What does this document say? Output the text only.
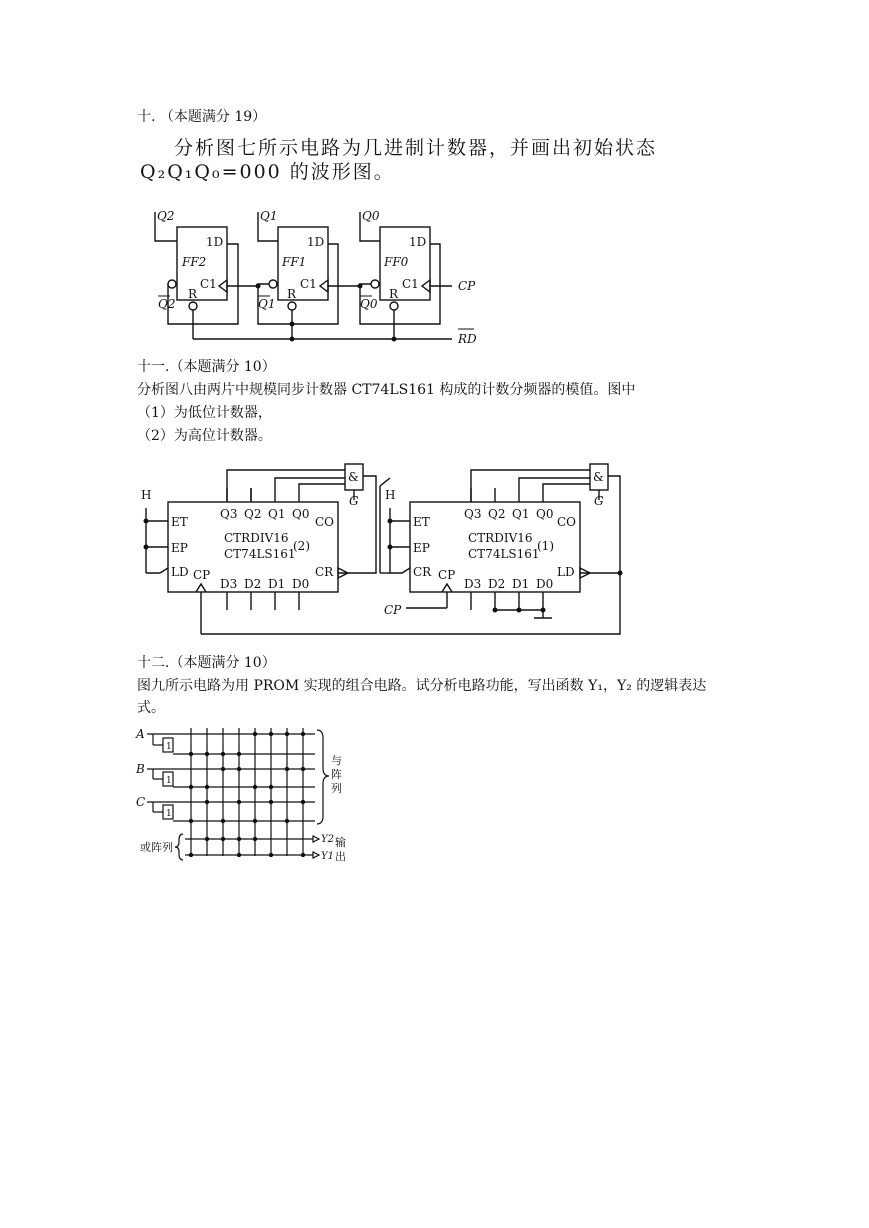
十. （本题满分 19）
分析图七所示电路为几进制计数器，并画出初始状态
Q₂Q₁Q₀=000 的波形图。
Q2
1D
FF2
C1
R
Q2
Q1
1D
FF1
C1
R
Q1
Q0
1D
FF0
C1
R
Q0
CP
RD
十一.（本题满分 10）
分析图八由两片中规模同步计数器 CT74LS161 构成的计数分频器的模值。图中
（1）为低位计数器，
（2）为高位计数器。
H	H
ET
EP
LD CP
CO
CR
Q3 Q2 Q1 Q0
D3 D2 D1 D0
CTRDIV16
CT74LS161
(2)
&
G
ET
EP
CR CP
CO
LD
Q3 Q2 Q1 Q0
D3 D2 D1 D0
CTRDIV16
CT74LS161
(1)
&
G
CP
十二.（本题满分 10）
图九所示电路为用 PROM 实现的组合电路。试分析电路功能，写出函数 Y₁，Y₂ 的逻辑表达
式。
A
B
C
1
1
1
与
阵
列
或阵列
Y2
Y1
输
出
